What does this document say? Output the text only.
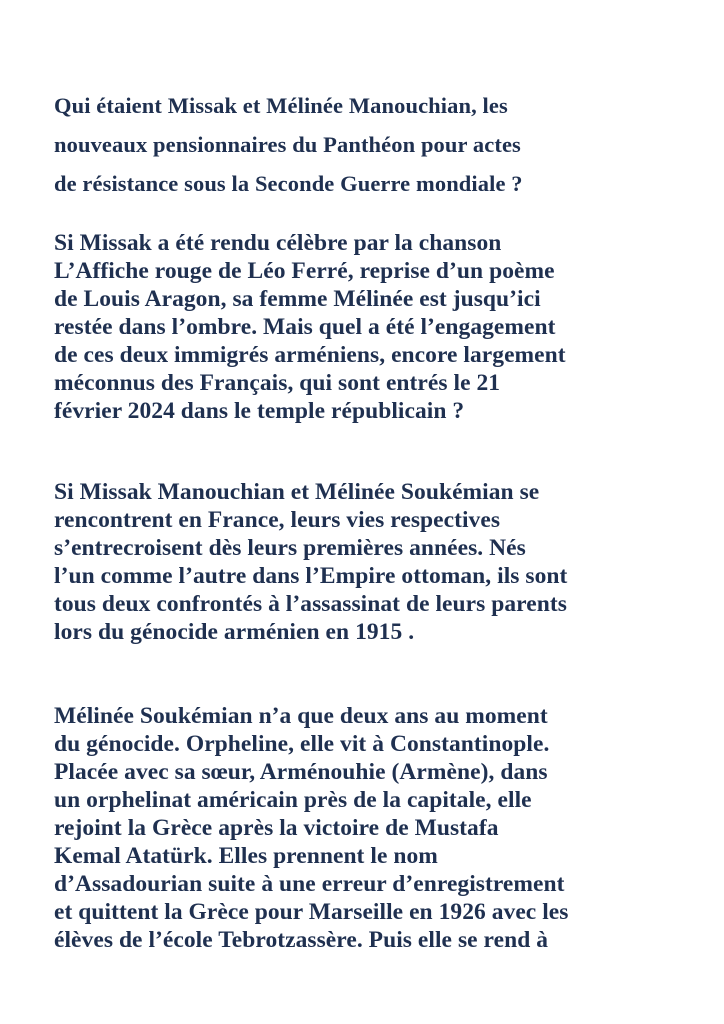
Qui étaient Missak et Mélinée Manouchian, les
nouveaux pensionnaires du Panthéon pour actes
de résistance sous la Seconde Guerre mondiale ?

Si Missak a été rendu célèbre par la chanson
L’Affiche rouge de Léo Ferré, reprise d’un poème
de Louis Aragon, sa femme Mélinée est jusqu’ici
restée dans l’ombre. Mais quel a été l’engagement
de ces deux immigrés arméniens, encore largement
méconnus des Français, qui sont entrés le 21
février 2024 dans le temple républicain ?

Si Missak Manouchian et Mélinée Soukémian se
rencontrent en France, leurs vies respectives
s’entrecroisent dès leurs premières années. Nés
l’un comme l’autre dans l’Empire ottoman, ils sont
tous deux confrontés à l’assassinat de leurs parents
lors du génocide arménien en 1915 .

Mélinée Soukémian n’a que deux ans au moment
du génocide. Orpheline, elle vit à Constantinople.
Placée avec sa sœur, Arménouhie (Armène), dans
un orphelinat américain près de la capitale, elle
rejoint la Grèce après la victoire de Mustafa
Kemal Atatürk. Elles prennent le nom
d’Assadourian suite à une erreur d’enregistrement
et quittent la Grèce pour Marseille en 1926 avec les
élèves de l’école Tebrotzassère. Puis elle se rend à
